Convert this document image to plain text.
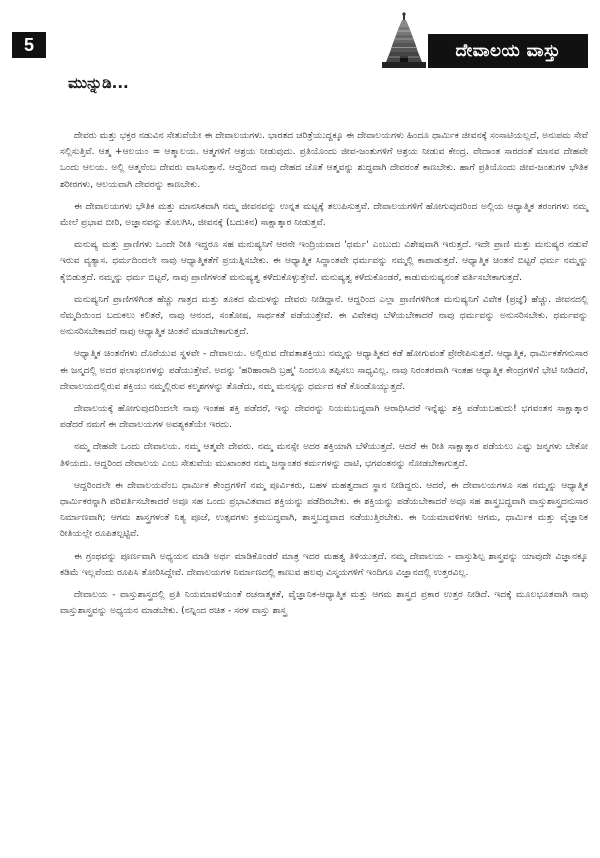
5	ದೇವಾಲಯ ವಾಸ್ತು
ಮುನ್ನುಡಿ...

ದೇವರು ಮತ್ತು ಭಕ್ತರ ನಡುವಿನ ಸೇತುವೆಯೇ ಈ ದೇವಾಲಯಗಳು. ಭಾರತದ ಚರಿತ್ರೆಯುದ್ದಕ್ಕೂ ಈ ದೇವಾಲಯಗಳು ಹಿಂದೂ ಧಾರ್ಮಿಕ ಜೀವನಕ್ಕೆ ಸಂಸಾಟಿಯಲ್ಲದೆ, ಅನುಪಮ ಸೇವೆ ಸಲ್ಲಿಸುತ್ತಿವೆ. ಆತ್ಮ +ಆಲಯಂ = ಆತ್ಮಾಲಯ. ಆತ್ಮಗಳಿಗೆ ಆಶ್ರಯ ನೀಡುವುದು. ಪ್ರತಿಯೊಂದು ಜೀವ-ಜಂತುಗಳಿಗೆ ಆಶ್ರಯ ನೀಡುವ ಕೇಂದ್ರ. ವೇದಾಂತ ಸಾರದಂತೆ ಮಾನವ ದೇಹವೇ ಒಂದು ಆಲಯ. ಅಲ್ಲಿ ಆತ್ಮನೆಂಬ ದೇವರು ವಾಸಿಸುತ್ತಾನೆ. ಆದ್ದರಿಂದ ನಾವು ದೇಹದ ಜೊತೆ ಆತ್ಮವನ್ನು ಶುದ್ಧವಾಗಿ ದೇವರಂತೆ ಕಾಣಬೇಕು. ಹಾಗೆ ಪ್ರತಿಯೊಂದು ಜೀವ-ಜಂತುಗಳ ಭೌತಿಕ ಶರೀರಗಳು, ಆಲಯವಾಗಿ ದೇವರನ್ನು ಕಾಣಬೇಕು.

ಈ ದೇವಾಲಯಗಳು ಭೌತಿಕ ಮತ್ತು ಮಾನಸಿಕವಾಗಿ ನಮ್ಮ ಜೀವನವನ್ನು ಉನ್ನತ ಮಟ್ಟಕ್ಕೆ ತಲುಪಿಸುತ್ತವೆ. ದೇವಾಲಯಗಳಿಗೆ ಹೋಗುವುದರಿಂದ ಅಲ್ಲಿಯ ಆಧ್ಯಾತ್ಮಿಕ ತರಂಗಗಳು ನಮ್ಮ ಮೇಲೆ ಪ್ರಭಾವ ಬೀರಿ, ಅಜ್ಞಾನವನ್ನು ತೊಲಗಿಸಿ, ಜೀವನಕ್ಕೆ (ಬದುಕಿನ) ಸಾಕ್ಷಾತ್ಕಾರ ನೀಡುತ್ತವೆ.

ಮನುಷ್ಯ ಮತ್ತು ಪ್ರಾಣಿಗಳು ಒಂದೇ ರೀತಿ ಇದ್ದರೂ ಸಹ ಮನುಷ್ಯನಿಗೆ ಆರನೇ ಇಂದ್ರಿಯವಾದ 'ಧರ್ಮ' ಎಂಬುದು ವಿಶೇಷವಾಗಿ ಇರುತ್ತದೆ. ಇದೇ ಪ್ರಾಣಿ ಮತ್ತು ಮನುಷ್ಯರ ನಡುವೆ ಇರುವ ವ್ಯತ್ಯಾಸ. ಧರ್ಮದಿಂದಲೇ ನಾವು ಆಧ್ಯಾತ್ಮಿಕತೆಗೆ ಪ್ರಯತ್ನಿಸಬೇಕು. ಈ ಆಧ್ಯಾತ್ಮಿಕ ಸಿದ್ಧಾಂತವೇ ಧರ್ಮವನ್ನು ನಮ್ಮಲ್ಲಿ ಕಾಪಾಡುತ್ತದೆ. ಆಧ್ಯಾತ್ಮಿಕ ಚಿಂತನೆ ಬಿಟ್ಟರೆ ಧರ್ಮ ನಮ್ಮನ್ನು ಕೈಬಿಡುತ್ತದೆ. ನಮ್ಮನ್ನು ಧರ್ಮ ಬಿಟ್ಟರೆ, ನಾವು ಪ್ರಾಣಿಗಳಂತೆ ಮನುಷ್ಯತ್ವ ಕಳೆದುಕೊಳ್ಳುತ್ತೇವೆ. ಮನುಷ್ಯತ್ವ ಕಳೆದುಕೊಂಡರೆ, ಕಾಡುಮನುಷ್ಯನಂತೆ ವರ್ತಿಸಬೇಕಾಗುತ್ತದೆ.

ಮನುಷ್ಯನಿಗೆ ಪ್ರಾಣಿಗಳಿಗಿಂತ ಹೆಚ್ಚು ಗಾತ್ರದ ಮತ್ತು ತೂಕದ ಮೆದುಳನ್ನು ದೇವರು ನೀಡಿದ್ದಾನೆ. ಆದ್ದರಿಂದ ಎಲ್ಲಾ ಪ್ರಾಣಿಗಳಿಗಿಂತ ಮನುಷ್ಯನಿಗೆ ವಿವೇಕ (ಪ್ರಜ್ಞೆ) ಹೆಚ್ಚು. ಜೀವನದಲ್ಲಿ ನೆಮ್ಮದಿಯಿಂದ ಬದುಕಲು ಕಲಿತರೆ, ನಾವು ಆನಂದ, ಸಂತೋಷ, ಸಾರ್ಥಕತೆ ಪಡೆಯುತ್ತೇವೆ. ಈ ವಿವೇಕವು ಬೆಳೆಯಬೇಕಾದರೆ ನಾವು ಧರ್ಮವನ್ನು ಅನುಸರಿಸಬೇಕು. ಧರ್ಮವನ್ನು ಅನುಸರಿಸಬೇಕಾದರೆ ನಾವು ಆಧ್ಯಾತ್ಮಿಕ ಚಿಂತನೆ ಮಾಡಬೇಕಾಗುತ್ತದೆ.

ಆಧ್ಯಾತ್ಮಿಕ ಚಿಂತನೆಗಳು ದೊರೆಯುವ ಸ್ಥಳವೇ - ದೇವಾಲಯ. ಅಲ್ಲಿರುವ ದೇವತಾಶಕ್ತಿಯು ನಮ್ಮನ್ನು ಆಧ್ಯಾತ್ಮಿಕದ ಕಡೆ ಹೋಗುವಂತೆ ಪ್ರೇರೇಪಿಸುತ್ತದೆ. ಆಧ್ಯಾತ್ಮಿಕ, ಧಾರ್ಮಿಕತೆಗನುಸಾರ ಈ ಜನ್ಮದಲ್ಲಿ ಅದರ ಫಲಾಫಲಗಳನ್ನು ಪಡೆಯುತ್ತೇವೆ. ಅದನ್ನು 'ಹರಿಹಾರಾದಿ ಬ್ರಹ್ಮ' ನಿಂದಲೂ ತಪ್ಪಿಸಲು ಸಾಧ್ಯವಿಲ್ಲ. ನಾವು ನಿರಂತರವಾಗಿ ಇಂತಹ ಆಧ್ಯಾತ್ಮಿಕ ಕೇಂದ್ರಗಳಿಗೆ ಭೇಟಿ ನೀಡಿದರೆ, ದೇವಾಲಯದಲ್ಲಿರುವ ಶಕ್ತಿಯು ನಮ್ಮಲ್ಲಿರುವ ಕಲ್ಮಶಗಳನ್ನು ತೊಡೆದು, ನಮ್ಮ ಮನಸ್ಸನ್ನು ಧರ್ಮದ ಕಡೆ ಕೊಂಡೊಯ್ಯುತ್ತದೆ.

ದೇವಾಲಯಕ್ಕೆ ಹೋಗುವುದರಿಂದಲೇ ನಾವು ಇಂತಹ ಶಕ್ತಿ ಪಡೆದರೆ, ಇನ್ನು ದೇವರನ್ನು ನಿಯಮಬದ್ಧವಾಗಿ ಆರಾಧಿಸಿದರೆ ಇನ್ನೆಷ್ಟು ಶಕ್ತಿ ಪಡೆಯಬಹುದು! ಭಗವಂತನ ಸಾಕ್ಷಾತ್ಕಾರ ಪಡೆದರೆ ನಮಗೆ ಈ ದೇವಾಲಯಗಳ ಅವಶ್ಯಕತೆಯೇ ಇರದು.

ನಮ್ಮ ದೇಹವೇ ಒಂದು ದೇವಾಲಯ. ನಮ್ಮ ಆತ್ಮವೇ ದೇವರು. ನಮ್ಮ ಮನಸ್ಸೇ ಅದರ ಶಕ್ತಿಯಾಗಿ ಬೆಳೆಯುತ್ತದೆ. ಆದರೆ ಈ ರೀತಿ ಸಾಕ್ಷಾತ್ಕಾರ ಪಡೆಯಲು ಎಷ್ಟು ಜನ್ಮಗಳು ಬೇಕೋ ತಿಳಿಯದು. ಆದ್ದರಿಂದ ದೇವಾಲಯ ಎಂಬ ಸೇತುವೆಯ ಮುಖಾಂತರ ನಮ್ಮ ಜನ್ಮಾಂತರ ಕರ್ಮಗಳನ್ನು ದಾಟಿ, ಭಗವಂತನನ್ನು ನೋಡಬೇಕಾಗುತ್ತದೆ.

ಆದ್ದರಿಂದಲೇ ಈ ದೇವಾಲಯವೆಂಬ ಧಾರ್ಮಿಕ ಕೇಂದ್ರಗಳಿಗೆ ನಮ್ಮ ಪೂರ್ವಿಕರು, ಬಹಳ ಮಹತ್ವದಾದ ಸ್ಥಾನ ನೀಡಿದ್ದರು. ಆದರೆ, ಈ ದೇವಾಲಯಗಳೂ ಸಹ ನಮ್ಮನ್ನು ಆಧ್ಯಾತ್ಮಿಕ ಧಾರ್ಮಿಕರನ್ನಾಗಿ ಪರಿವರ್ತಿಸಬೇಕಾದರೆ ಅವೂ ಸಹ ಒಂದು ಪ್ರಭಾವಿತವಾದ ಶಕ್ತಿಯನ್ನು ಪಡೆದಿರಬೇಕು. ಈ ಶಕ್ತಿಯನ್ನು ಪಡೆಯಬೇಕಾದರೆ ಅವೂ ಸಹ ಶಾಸ್ತ್ರಬದ್ಧವಾಗಿ ವಾಸ್ತುಶಾಸ್ತ್ರದನುಸಾರ ನಿರ್ಮಾಣವಾಗಿ; ಆಗಮ ಶಾಸ್ತ್ರಗಳಂತೆ ನಿತ್ಯ ಪೂಜೆ, ಉತ್ಸವಗಳು ಕ್ರಮಬದ್ಧವಾಗಿ, ಶಾಸ್ತ್ರಬದ್ಧವಾದ ನಡೆಯುತ್ತಿರಬೇಕು. ಈ ನಿಯಮಾವಳಿಗಳು ಆಗಮ, ಧಾರ್ಮಿಕ ಮತ್ತು ವೈಜ್ಞಾನಿಕ ರೀತಿಯಲ್ಲೇ ರೂಪಿತಲ್ಪಟ್ಟಿವೆ.

ಈ ಗ್ರಂಥವನ್ನು ಪೂರ್ಣವಾಗಿ ಅಧ್ಯಯನ ಮಾಡಿ ಅರ್ಥ ಮಾಡಿಕೊಂಡರೆ ಮಾತ್ರ ಇದರ ಮಹತ್ವ ತಿಳಿಯುತ್ತದೆ. ನಮ್ಮ ದೇವಾಲಯ - ವಾಸ್ತುಶಿಲ್ಪ ಶಾಸ್ತ್ರವನ್ನು ಯಾವುದೇ ವಿಜ್ಞಾನಕ್ಕೂ ಕಡಿಮೆ ಇಲ್ಲವೆಂದು ರೂಪಿಸಿ ತೋರಿಸಿದ್ದೇವೆ. ದೇವಾಲಯಗಳ ನಿರ್ಮಾಣದಲ್ಲಿ ಕಾಣುವ ಹಲವು ವಿಸ್ಮಯಗಳಿಗೆ ಇಂದಿಗೂ ವಿಜ್ಞಾನದಲ್ಲಿ ಉತ್ತರವಿಲ್ಲ.

ದೇವಾಲಯ - ವಾಸ್ತುಶಾಸ್ತ್ರದಲ್ಲಿ ಪ್ರತಿ ನಿಯಮಾವಳಿಯಂತೆ ರಚನಾತ್ಮಕತೆ, ವೈಜ್ಞಾನಿಕ-ಆಧ್ಯಾತ್ಮಿಕ ಮತ್ತು ಆಗಮ ಶಾಸ್ತ್ರದ ಪ್ರಕಾರ ಉತ್ತರ ನೀಡಿದೆ. ಇದಕ್ಕೆ ಮೂಲಭೂತವಾಗಿ ನಾವು ವಾಸ್ತುಶಾಸ್ತ್ರವನ್ನು ಅಧ್ಯಯನ ಮಾಡಬೇಕು. (ನನ್ನಿಂದ ರಚಿತ - ಸರಳ ವಾಸ್ತು ಶಾಸ್ತ್ರ
